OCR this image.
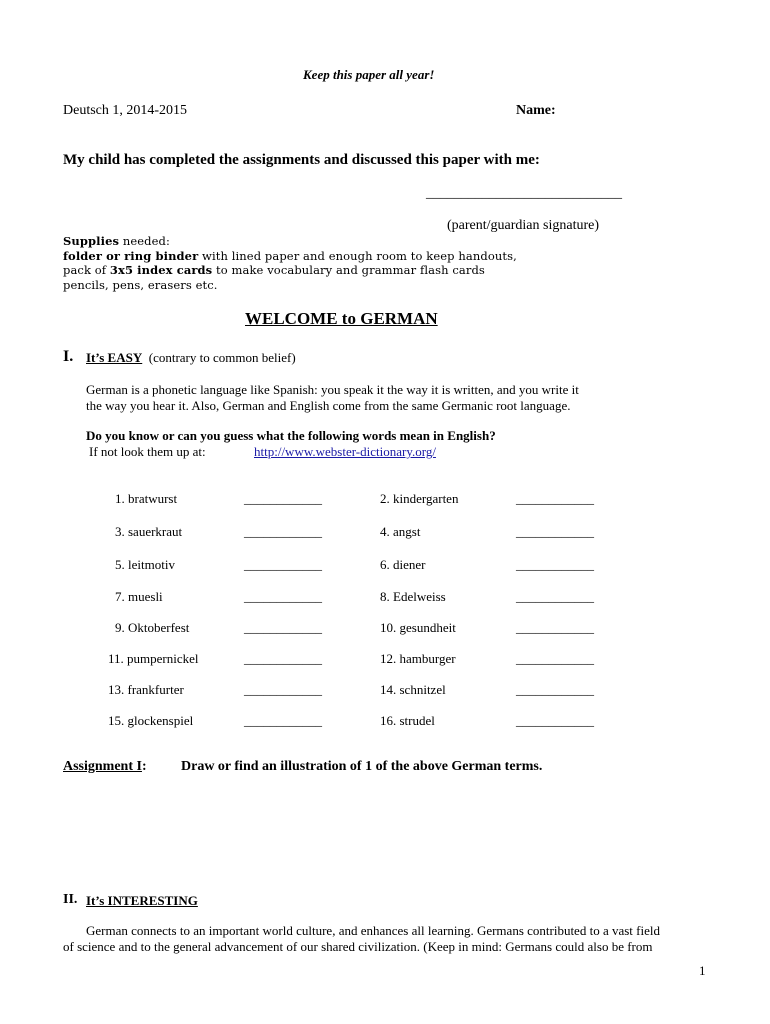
Keep this paper all year!
Deutsch 1, 2014-2015	Name:
My child has completed the assignments and discussed this paper with me:
____________________________
(parent/guardian signature)
Supplies needed:
folder or ring binder with lined paper and enough room to keep handouts,
pack of 3x5 index cards to make vocabulary and grammar flash cards
pencils, pens, erasers etc.
WELCOME to GERMAN
I. It’s EASY (contrary to common belief)
German is a phonetic language like Spanish: you speak it the way it is written, and you write it
the way you hear it. Also, German and English come from the same Germanic root language.
Do you know or can you guess what the following words mean in English?
If not look them up at:	http://www.webster-dictionary.org/
1. bratwurst	____________	2. kindergarten	____________
3. sauerkraut	____________	4. angst	____________
5. leitmotiv	____________	6. diener	____________
7. muesli	____________	8. Edelweiss	____________
9. Oktoberfest	____________	10. gesundheit	____________
11. pumpernickel	____________	12. hamburger	____________
13. frankfurter	____________	14. schnitzel	____________
15. glockenspiel	____________	16. strudel	____________
Assignment I: Draw or find an illustration of 1 of the above German terms.
II. It’s INTERESTING
German connects to an important world culture, and enhances all learning. Germans contributed to a vast field
of science and to the general advancement of our shared civilization. (Keep in mind: Germans could also be from
1
